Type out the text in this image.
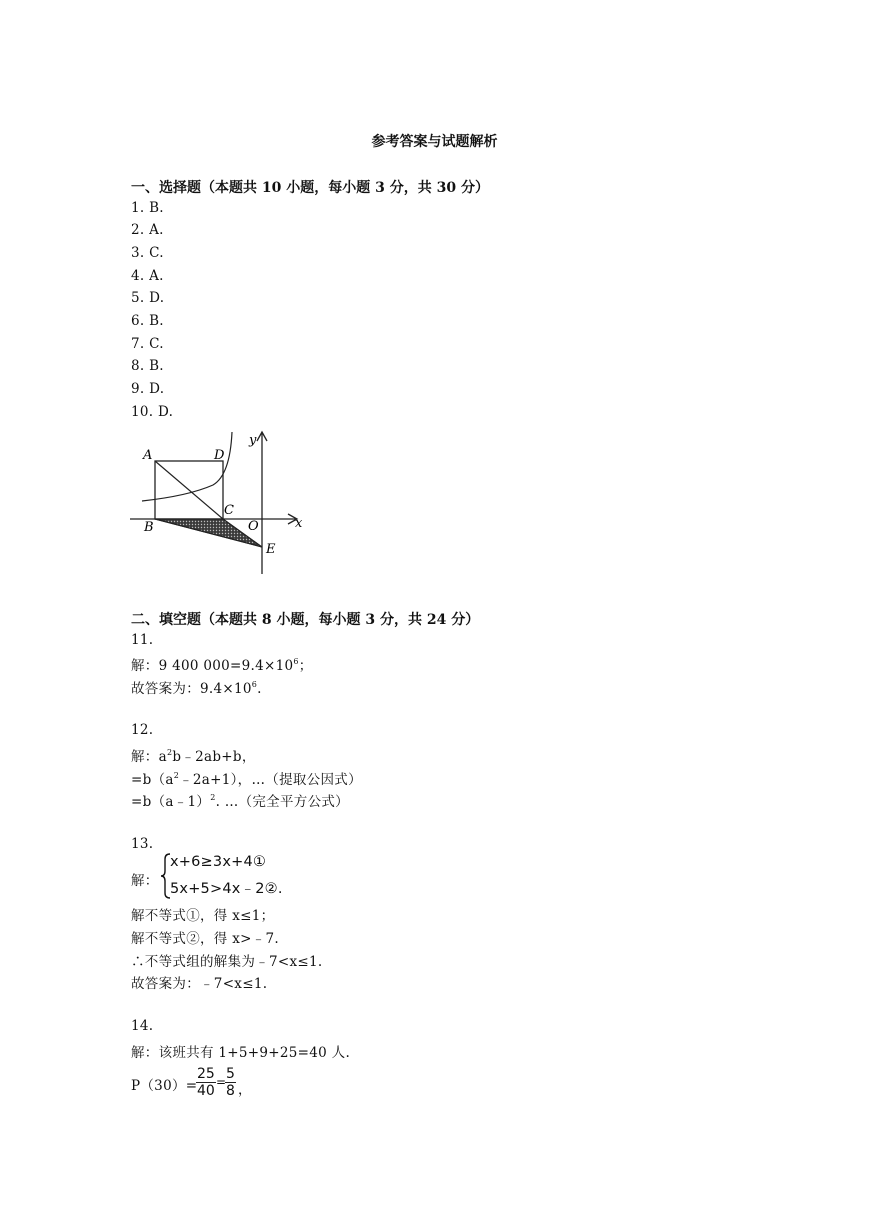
参考答案与试题解析
一、选择题（本题共 10 小题，每小题 3 分，共 30 分）
1. B.
2. A.
3. C.
4. A.
5. D.
6. B.
7. C.
8. B.
9. D.
10. D.
A	D
B
C
O
E
x
y
二、填空题（本题共 8 小题，每小题 3 分，共 24 分）
11.
解：9 400 $000=9.4\times 10^6$；
故答案为：$9.4\times 10^6$.
12.
解：$a^2b﹣2ab+b$，
$=b(a^2﹣2a+1)$，…（提取公因式）
=b（a﹣1）$^2$. …（完全平方公式）
13.
解：
x+6≥3x+4①
5x+5>4x﹣2②.
解不等式①，得 x≤1；
解不等式②，得 x>﹣7.
∴不等式组的解集为﹣7<x≤1.
故答案为：﹣7<x≤1.
14.
解：该班共有 1+5+9+25=40 人.
P（30）=
$\frac{25}{40}$ =
$\frac{5}{8}$ ，
